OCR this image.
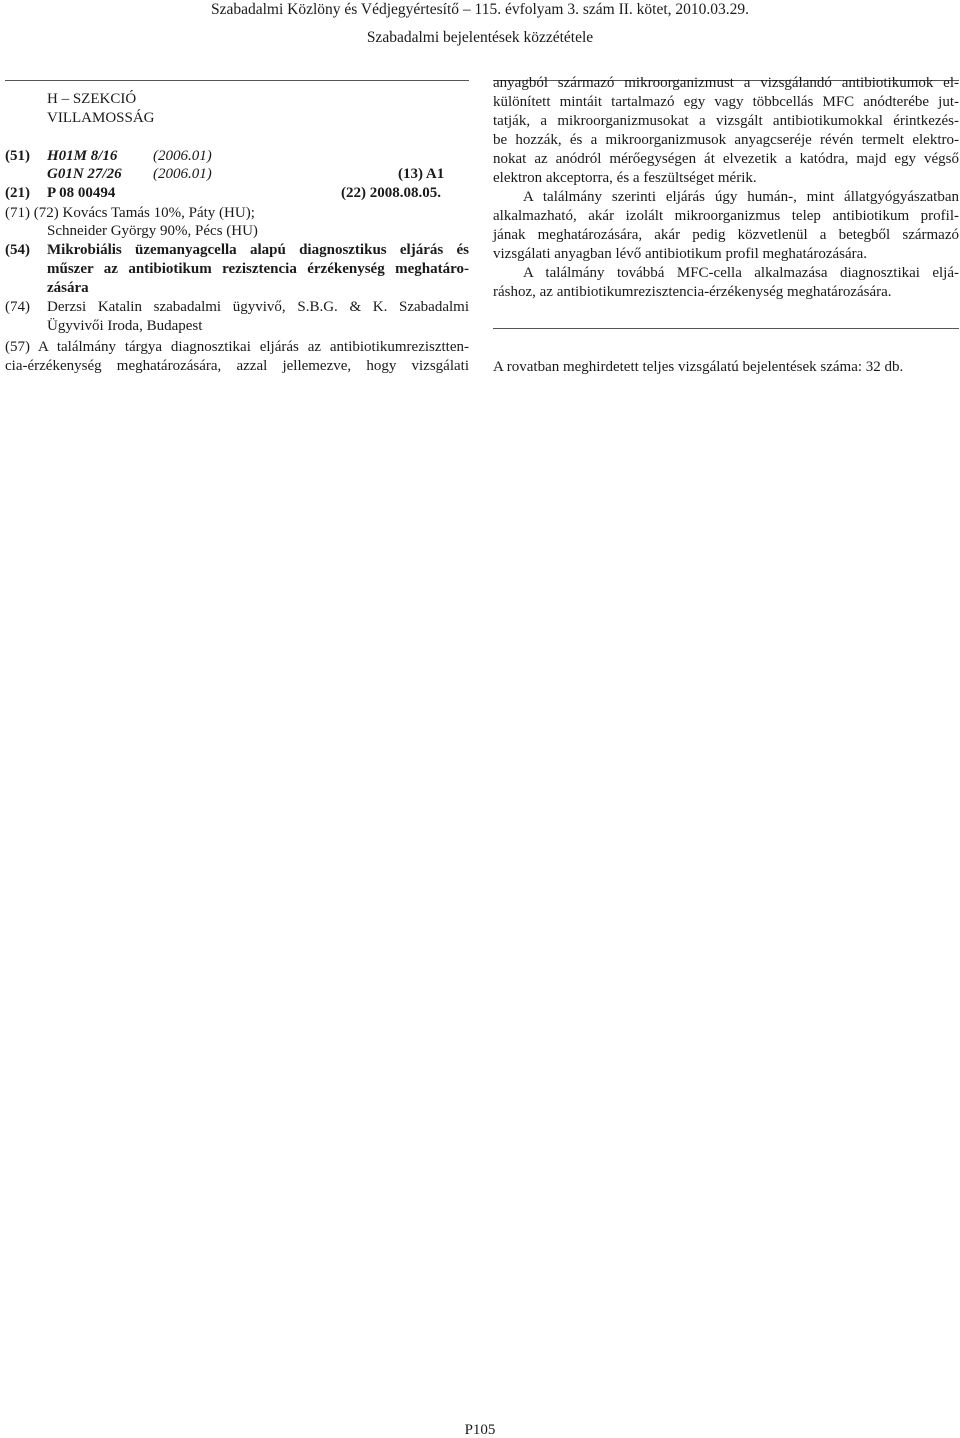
Szabadalmi Közlöny és Védjegyértesítő – 115. évfolyam 3. szám II. kötet, 2010.03.29.
Szabadalmi bejelentések közzététele
H – SZEKCIÓ
VILLAMOSSÁG
(51) H01M 8/16 (2006.01)
G01N 27/26 (2006.01)	(13) A1
(21) P 08 00494	(22) 2008.08.05.
(71) (72) Kovács Tamás 10%, Páty (HU);
Schneider György 90%, Pécs (HU)
(54) Mikrobiális üzemanyagcella alapú diagnosztikus eljárás és
műszer az antibiotikum rezisztencia érzékenység meghatáro-
zására
(74) Derzsi Katalin szabadalmi ügyvivő, S.B.G. & K. Szabadalmi
Ügyvivői Iroda, Budapest
(57) A találmány tárgya diagnosztikai eljárás az antibiotikumrezisztten-
cia-érzékenység meghatározására, azzal jellemezve, hogy vizsgálati
anyagból származó mikroorganizmust a vizsgálandó antibiotikumok el-
különített mintáit tartalmazó egy vagy többcellás MFC anódterébe jut-
tatják, a mikroorganizmusokat a vizsgált antibiotikumokkal érintkezés-
be hozzák, és a mikroorganizmusok anyagcseréje révén termelt elektro-
nokat az anódról mérőegységen át elvezetik a katódra, majd egy végső
elektron akceptorra, és a feszültséget mérik.
A találmány szerinti eljárás úgy humán-, mint állatgyógyászatban
alkalmazható, akár izolált mikroorganizmus telep antibiotikum profil-
jának meghatározására, akár pedig közvetlenül a betegből származó
vizsgálati anyagban lévő antibiotikum profil meghatározására.
A találmány továbbá MFC-cella alkalmazása diagnosztikai eljá-
ráshoz, az antibiotikumrezisztencia-érzékenység meghatározására.
A rovatban meghirdetett teljes vizsgálatú bejelentések száma: 32 db.
P105
